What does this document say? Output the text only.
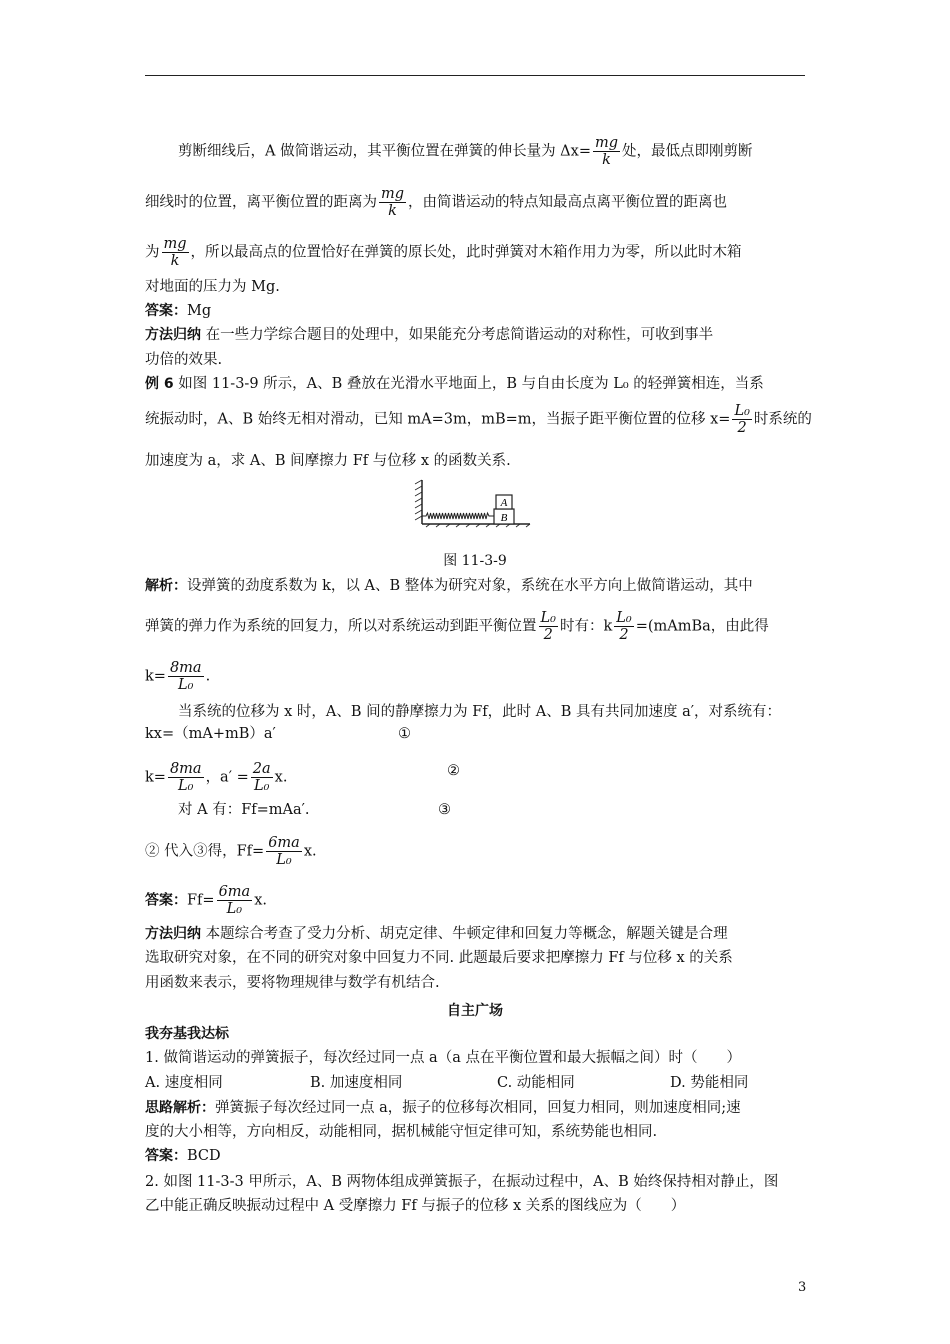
剪断细线后，A 做简谐运动，其平衡位置在弹簧的伸长量为 $\Delta x= \frac{mg}{k}$ 处，最低点即刚剪断
细线时的位置，离平衡位置的距离为 $\frac{mg}{k}$ ，由简谐运动的特点知最高点离平衡位置的距离也
为 $\frac{mg}{k}$ ，所以最高点的位置恰好在弹簧的原长处，此时弹簧对木箱作用力为零，所以此时木箱
对地面的压力为 Mg.
答案：Mg
方法归纳 在一些力学综合题目的处理中，如果能充分考虑简谐运动的对称性，可收到事半
功倍的效果.
例 6 如图 11-3-9 所示，A、B 叠放在光滑水平地面上，B 与自由长度为 L₀ 的轻弹簧相连，当系
统振动时，A、B 始终无相对滑动，已知 mA=3m，mB=m，当振子距平衡位置的位移 $x= \frac{\text{L₀}}{2}$ 时系统的
加速度为 a，求 A、B 间摩擦力 Ff 与位移 x 的函数关系.
A
B
图 11-3-9
解析：设弹簧的劲度系数为 k，以 A、B 整体为研究对象，系统在水平方向上做简谐运动，其中
弹簧的弹力作为系统的回复力，所以对系统运动到距平衡位置 $\frac{\text{L₀}}{2}$ 时有：k $\frac{\text{L₀}}{2}$ =(mAmBa，由此得
$k= \frac{8ma}{\text{L₀}}$ .
当系统的位移为 x 时，A、B 间的静摩擦力为 Ff，此时 A、B 具有共同加速度 a′，对系统有：
kx=（mA+mB）a′	①
$k= \frac{8ma}{\text{L₀}}$ ，$a' = \frac{2a}{\text{L₀}} x$.	②
对 A 有：Ff=mAa′.	③
② 代入③得，$Ff= \frac{6ma}{\text{L₀}} x$.
答案：$Ff= \frac{6ma}{\text{L₀}} x$.
方法归纳 本题综合考查了受力分析、胡克定律、牛顿定律和回复力等概念，解题关键是合理
选取研究对象，在不同的研究对象中回复力不同. 此题最后要求把摩擦力 Ff 与位移 x 的关系
用函数来表示，要将物理规律与数学有机结合.
自主广场
我夯基我达标
1. 做简谐运动的弹簧振子，每次经过同一点 a（a 点在平衡位置和最大振幅之间）时（　　）
A. 速度相同	B. 加速度相同	C. 动能相同	D. 势能相同
思路解析：弹簧振子每次经过同一点 a，振子的位移每次相同，回复力相同，则加速度相同;速
度的大小相等，方向相反，动能相同，据机械能守恒定律可知，系统势能也相同.
答案：BCD
2. 如图 11-3-3 甲所示，A、B 两物体组成弹簧振子，在振动过程中，A、B 始终保持相对静止，图
乙中能正确反映振动过程中 A 受摩擦力 Ff 与振子的位移 x 关系的图线应为（　　）
3
